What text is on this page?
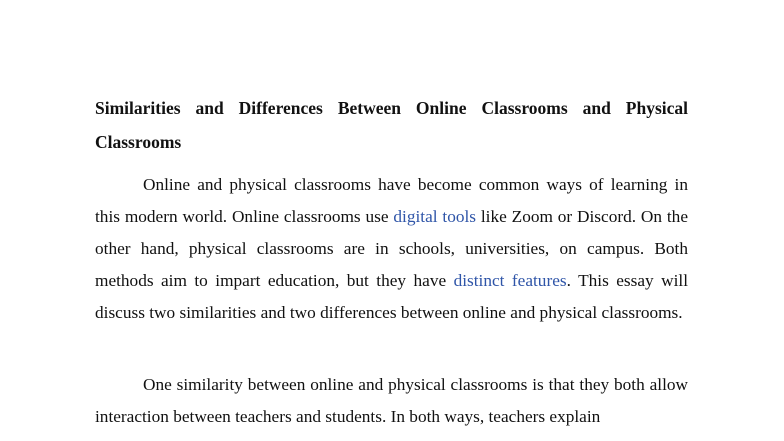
Similarities and Differences Between Online Classrooms and Physical Classrooms

Online and physical classrooms have become common ways of learning in this modern world. Online classrooms use digital tools like Zoom or Discord. On the other hand, physical classrooms are in schools, universities, on campus. Both methods aim to impart education, but they have distinct features. This essay will discuss two similarities and two differences between online and physical classrooms.

One similarity between online and physical classrooms is that they both allow interaction between teachers and students. In both ways, teachers explain
